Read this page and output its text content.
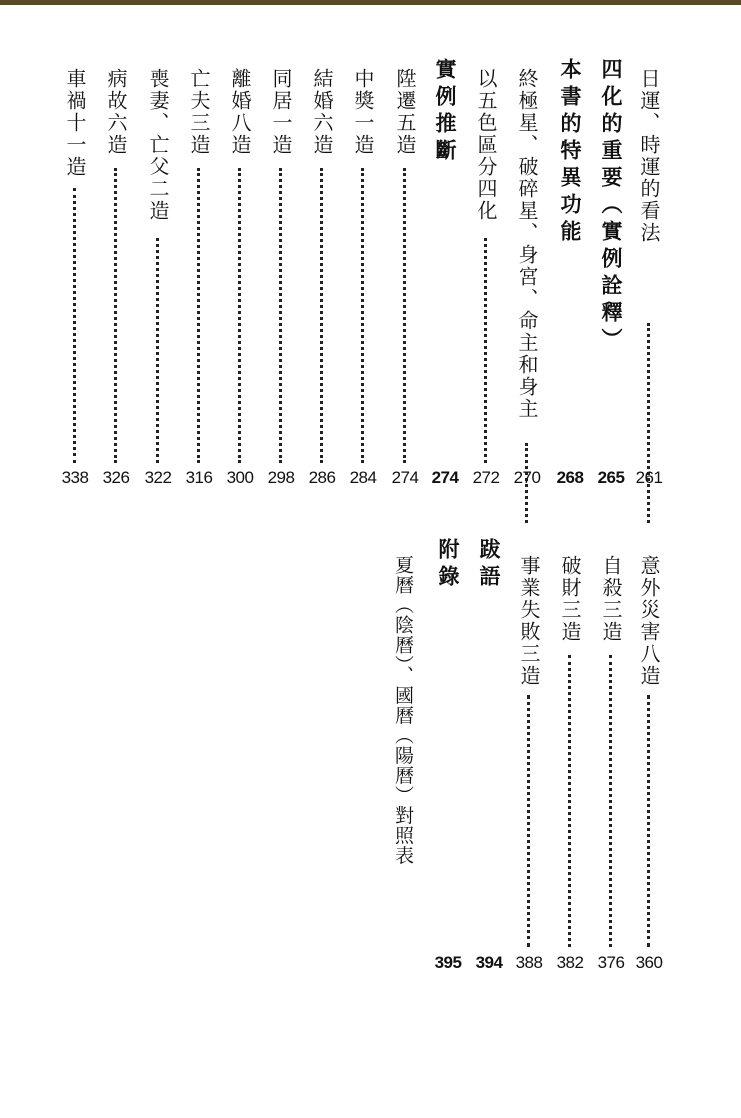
日運、時運的看法
261
四化的重要（實例詮釋）
265
本書的特異功能
268
終極星、破碎星、身宮、命主和身主
270
以五色區分四化
272
實例推斷
274
陞遷五造
274
中獎一造
284
結婚六造
286
同居一造
298
離婚八造
300
亡夫三造
316
喪妻、亡父二造
322
病故六造
326
車禍十一造
338
意外災害八造
360
自殺三造
376
破財三造
382
事業失敗三造
388
跋語
394
附錄
夏曆（陰曆）、國曆（陽曆）對照表
395
